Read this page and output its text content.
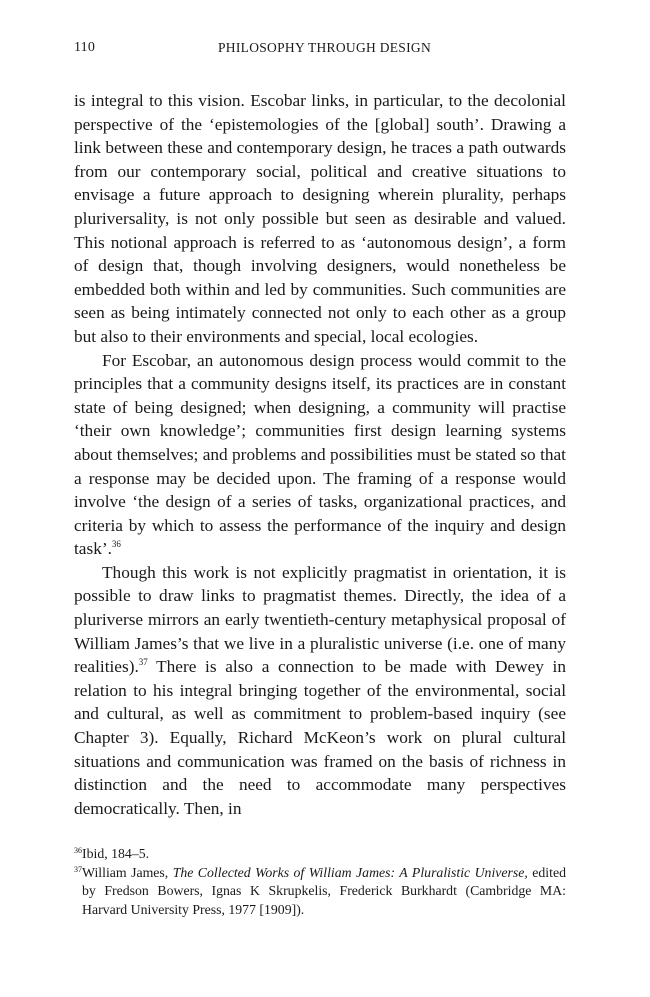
110	PHILOSOPHY THROUGH DESIGN

is integral to this vision. Escobar links, in particular, to the decolonial perspective of the ‘epistemologies of the [global] south’. Drawing a link between these and contemporary design, he traces a path outwards from our contemporary social, political and creative situations to envisage a future approach to designing wherein plurality, perhaps pluriversality, is not only possible but seen as desirable and valued. This notional approach is referred to as ‘autonomous design’, a form of design that, though involving designers, would nonetheless be embedded both within and led by communities. Such communities are seen as being intimately connected not only to each other as a group but also to their environments and special, local ecologies.

For Escobar, an autonomous design process would commit to the principles that a community designs itself, its practices are in constant state of being designed; when designing, a community will practise ‘their own knowledge’; communities first design learning systems about themselves; and problems and possibilities must be stated so that a response may be decided upon. The framing of a response would involve ‘the design of a series of tasks, organizational practices, and criteria by which to assess the performance of the inquiry and design task’.$^{36}$

Though this work is not explicitly pragmatist in orientation, it is possible to draw links to pragmatist themes. Directly, the idea of a pluriverse mirrors an early twentieth-century metaphysical proposal of William James’s that we live in a pluralistic universe (i.e. one of many realities).$^{37}$ There is also a connection to be made with Dewey in relation to his integral bringing together of the environmental, social and cultural, as well as commitment to problem-based inquiry (see Chapter 3). Equally, Richard McKeon’s work on plural cultural situations and communication was framed on the basis of richness in distinction and the need to accommodate many perspectives democratically. Then, in

$^{36}$Ibid, 184–5.

$^{37}$William James, The Collected Works of William James: A Pluralistic Universe, edited by Fredson Bowers, Ignas K Skrupkelis, Frederick Burkhardt (Cambridge MA: Harvard University Press, 1977 [1909]).
